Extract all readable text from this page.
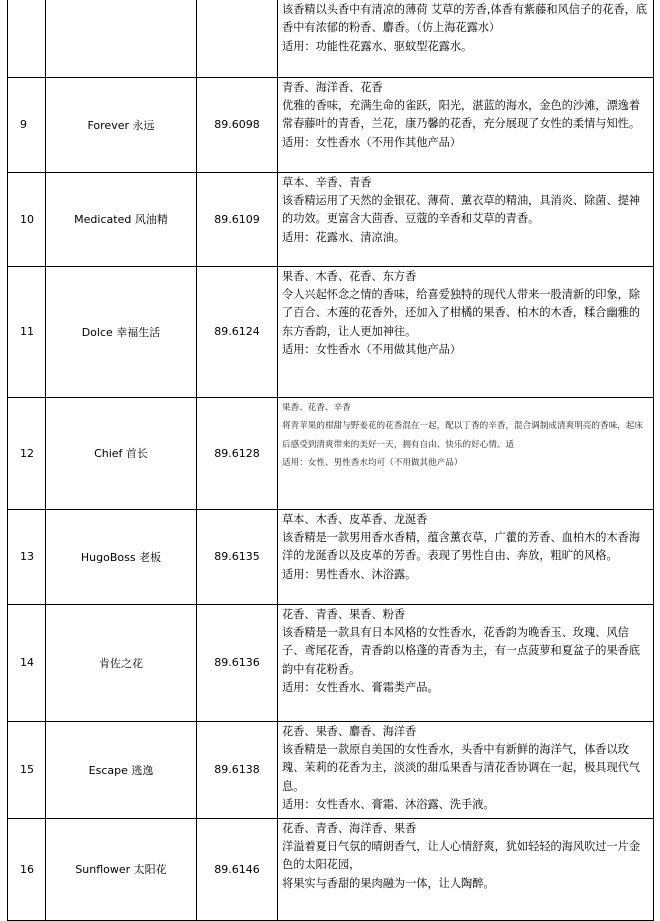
			该香精以头香中有清凉的薄荷 艾草的芳香,体香有紫藤和风信子的花香，底香中有浓郁的粉香、麝香。（仿上海花露水）
适用：功能性花露水、驱蚊型花露水。

9	Forever 永远	89.6098	青香、海洋香、花香
优雅的香味，充满生命的雀跃，阳光，湛蓝的海水，金色的沙滩，漂逸着常春藤叶的青香，兰花，康乃馨的花香，充分展现了女性的柔情与知性。
适用：女性香水（不用作其他产品）

10	Medicated 风油精	89.6109	草本、辛香、青香
该香精运用了天然的金银花、薄荷、薰衣草的精油，具消炎、除菌、提神的功效。更富含大茴香、豆蔻的辛香和艾草的青香。
适用：花露水、清凉油。

11	Dolce 幸福生活	89.6124	果香、木香、花香、东方香
令人兴起怀念之情的香味，给喜爱独特的现代人带来一股清新的印象，除了百合、木莲的花香外，还加入了柑橘的果香、柏木的木香，糅合幽雅的东方香韵，让人更加神往。
适用：女性香水（不用做其他产品）

12	Chief 首长	89.6128	果香、花香、辛香
将青苹果的柑甜与野姜花的花香混在一起，配以丁香的辛香，混合调制成清爽明亮的香味，起床后感受到清爽带来的美好一天，拥有自由、快乐的好心情。适
适用：女性、男性香水均可（不用做其他产品）

13	HugoBoss 老板	89.6135	草本、木香、皮革香、龙涎香
该香精是一款男用香水香精，蕴含薰衣草，广藿的芳香、血柏木的木香海洋的龙涎香以及皮革的芳香。表现了男性自由、奔放，粗旷的风格。
适用：男性香水、沐浴露。

14	肯佐之花	89.6136	花香、青香、果香、粉香
该香精是一款具有日本风格的女性香水，花香韵为晚香玉、玫瑰、风信子、鸢尾花香，青香韵以格蓬的青香为主，有一点菠萝和夏盆子的果香底韵中有花粉香。
适用：女性香水、膏霜类产品。

15	Escape 逃逸	89.6138	花香、果香、麝香、海洋香
该香精是一款原自美国的女性香水，头香中有新鲜的海洋气，体香以玫瑰、茉莉的花香为主，淡淡的甜瓜果香与清花香协调在一起，极具现代气息。
适用：女性香水、膏霜、沐浴露、洗手液。

16	Sunflower 太阳花	89.6146	花香、青香、海洋香、果香
洋溢着夏日气氛的晴朗香气，让人心情舒爽，犹如轻轻的海风吹过一片金色的太阳花园，
将果实与香甜的果肉融为一体，让人陶醉。
